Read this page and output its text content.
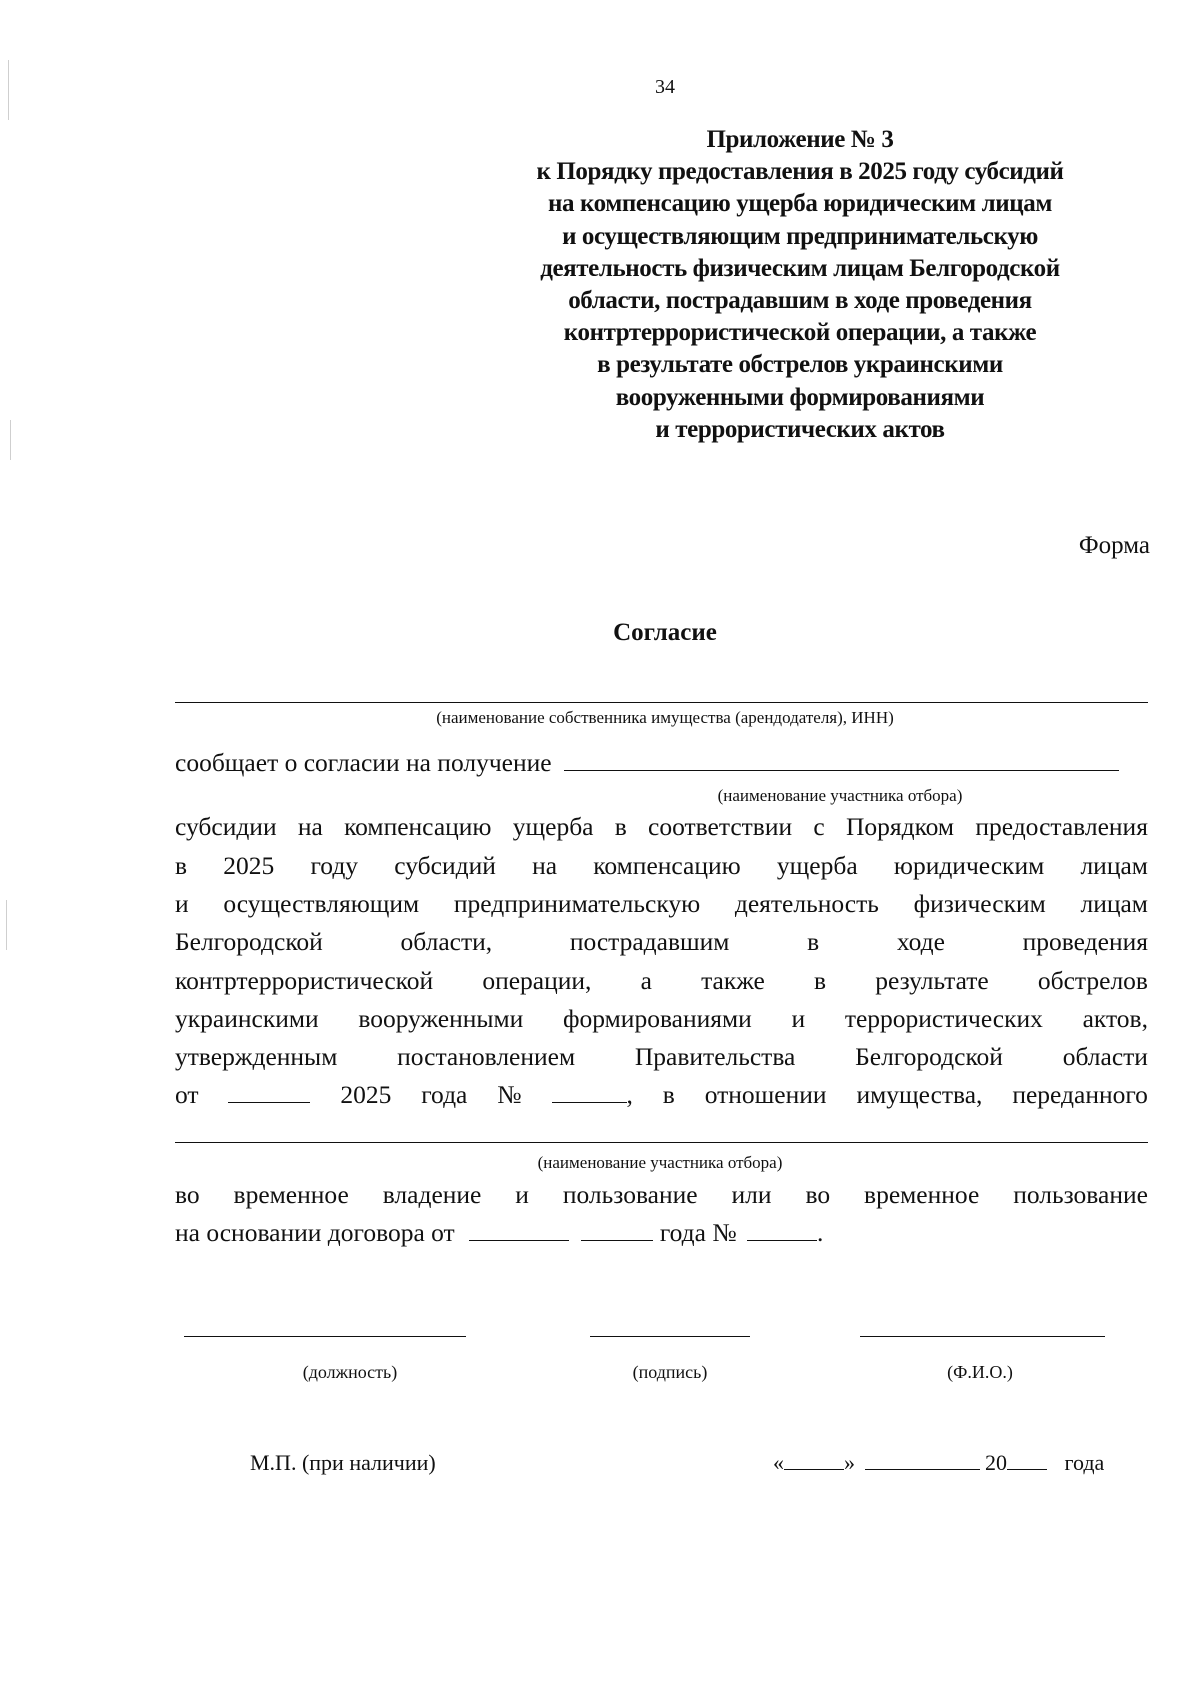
34
Приложение № 3
к Порядку предоставления в 2025 году субсидий
на компенсацию ущерба юридическим лицам
и осуществляющим предпринимательскую
деятельность физическим лицам Белгородской
области, пострадавшим в ходе проведения
контртеррористической операции, а также
в результате обстрелов украинскими
вооруженными формированиями
и террористических актов
Форма
Согласие
(наименование собственника имущества (арендодателя), ИНН)
сообщает о согласии на получение
(наименование участника отбора)
субсидии на компенсацию ущерба в соответствии с Порядком предоставления
в 2025 году субсидий на компенсацию ущерба юридическим лицам
и осуществляющим предпринимательскую деятельность физическим лицам
Белгородской	области,	пострадавшим	в	ходе	проведения
контртеррористической операции, а также в результате обстрелов
украинскими вооруженными формированиями и террористических актов,
утвержденным постановлением Правительства Белгородской области
от	2025 года №	, в отношении имущества, переданного
(наименование участника отбора)
во временное владение и пользование или во временное пользование
на основании договора от	года №	.
(должность)	(подпись)	(Ф.И.О.)
М.П. (при наличии)	«	»	20	года
